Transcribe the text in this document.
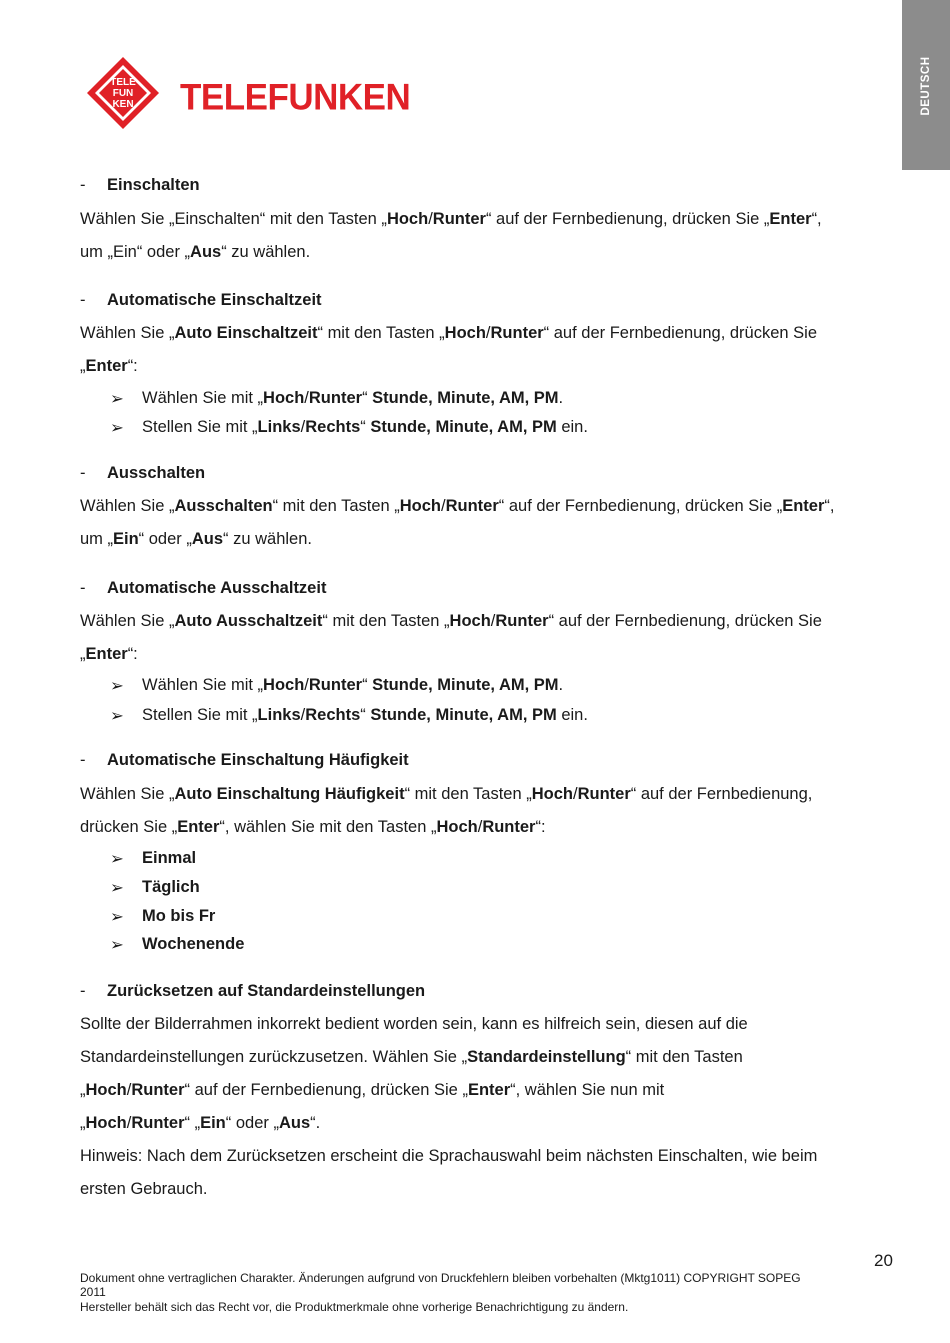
DEUTSCH
TELE
FUN
KEN TELEFUNKEN
- Einschalten
Wählen Sie „Einschalten“ mit den Tasten „Hoch/Runter“ auf der Fernbedienung, drücken Sie „Enter“,
um „Ein“ oder „Aus“ zu wählen.
- Automatische Einschaltzeit
Wählen Sie „Auto Einschaltzeit“ mit den Tasten „Hoch/Runter“ auf der Fernbedienung, drücken Sie
„Enter“:
➢ Wählen Sie mit „Hoch/Runter“ Stunde, Minute, AM, PM.
➢ Stellen Sie mit „Links/Rechts“ Stunde, Minute, AM, PM ein.
- Ausschalten
Wählen Sie „Ausschalten“ mit den Tasten „Hoch/Runter“ auf der Fernbedienung, drücken Sie „Enter“,
um „Ein“ oder „Aus“ zu wählen.
- Automatische Ausschaltzeit
Wählen Sie „Auto Ausschaltzeit“ mit den Tasten „Hoch/Runter“ auf der Fernbedienung, drücken Sie
„Enter“:
➢ Wählen Sie mit „Hoch/Runter“ Stunde, Minute, AM, PM.
➢ Stellen Sie mit „Links/Rechts“ Stunde, Minute, AM, PM ein.
- Automatische Einschaltung Häufigkeit
Wählen Sie „Auto Einschaltung Häufigkeit“ mit den Tasten „Hoch/Runter“ auf der Fernbedienung,
drücken Sie „Enter“, wählen Sie mit den Tasten „Hoch/Runter“:
➢ Einmal
➢ Täglich
➢ Mo bis Fr
➢ Wochenende
- Zurücksetzen auf Standardeinstellungen
Sollte der Bilderrahmen inkorrekt bedient worden sein, kann es hilfreich sein, diesen auf die
Standardeinstellungen zurückzusetzen. Wählen Sie „Standardeinstellung“ mit den Tasten
„Hoch/Runter“ auf der Fernbedienung, drücken Sie „Enter“, wählen Sie nun mit
„Hoch/Runter“ „Ein“ oder „Aus“.
Hinweis: Nach dem Zurücksetzen erscheint die Sprachauswahl beim nächsten Einschalten, wie beim
ersten Gebrauch.
20
Dokument ohne vertraglichen Charakter. Änderungen aufgrund von Druckfehlern bleiben vorbehalten (Mktg1011) COPYRIGHT SOPEG
2011
Hersteller behält sich das Recht vor, die Produktmerkmale ohne vorherige Benachrichtigung zu ändern.
